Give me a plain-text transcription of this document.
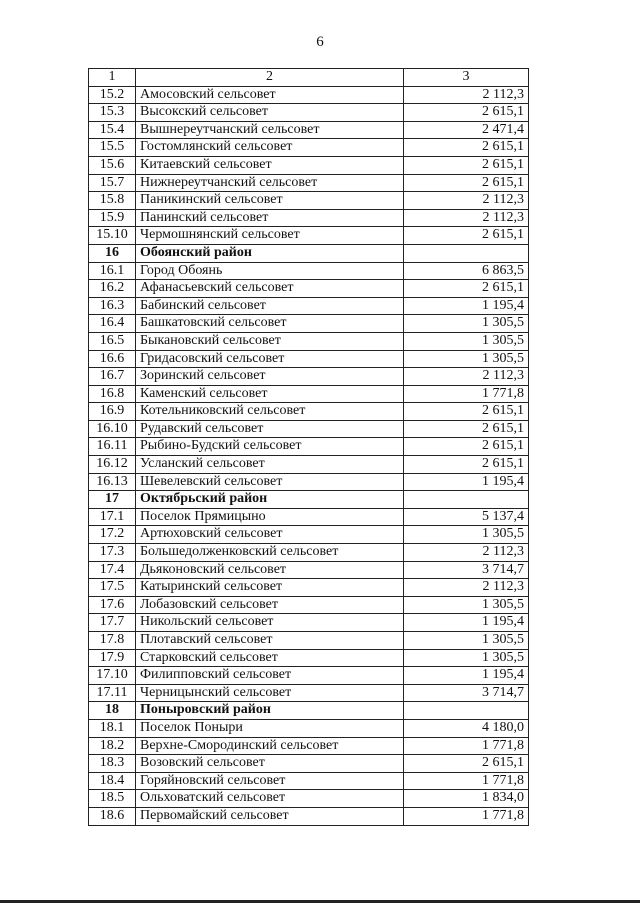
6
1	2	3
15.2	Амосовский сельсовет	2 112,3
15.3	Высокский сельсовет	2 615,1
15.4	Вышнереутчанский сельсовет	2 471,4
15.5	Гостомлянский сельсовет	2 615,1
15.6	Китаевский сельсовет	2 615,1
15.7	Нижнереутчанский сельсовет	2 615,1
15.8	Паникинский сельсовет	2 112,3
15.9	Панинский сельсовет	2 112,3
15.10	Чермошнянский сельсовет	2 615,1
16	Обоянский район	
16.1	Город Обоянь	6 863,5
16.2	Афанасьевский сельсовет	2 615,1
16.3	Бабинский сельсовет	1 195,4
16.4	Башкатовский сельсовет	1 305,5
16.5	Быкановский сельсовет	1 305,5
16.6	Гридасовский сельсовет	1 305,5
16.7	Зоринский сельсовет	2 112,3
16.8	Каменский сельсовет	1 771,8
16.9	Котельниковский сельсовет	2 615,1
16.10	Рудавский сельсовет	2 615,1
16.11	Рыбино-Будский сельсовет	2 615,1
16.12	Усланский сельсовет	2 615,1
16.13	Шевелевский сельсовет	1 195,4
17	Октябрьский район	
17.1	Поселок Прямицыно	5 137,4
17.2	Артюховский сельсовет	1 305,5
17.3	Большедолженковский сельсовет	2 112,3
17.4	Дьяконовский сельсовет	3 714,7
17.5	Катыринский сельсовет	2 112,3
17.6	Лобазовский сельсовет	1 305,5
17.7	Никольский сельсовет	1 195,4
17.8	Плотавский сельсовет	1 305,5
17.9	Старковский сельсовет	1 305,5
17.10	Филипповский сельсовет	1 195,4
17.11	Черницынский сельсовет	3 714,7
18	Поныровский район	
18.1	Поселок Поныри	4 180,0
18.2	Верхне-Смородинский сельсовет	1 771,8
18.3	Возовский сельсовет	2 615,1
18.4	Горяйновский сельсовет	1 771,8
18.5	Ольховатский сельсовет	1 834,0
18.6	Первомайский сельсовет	1 771,8
